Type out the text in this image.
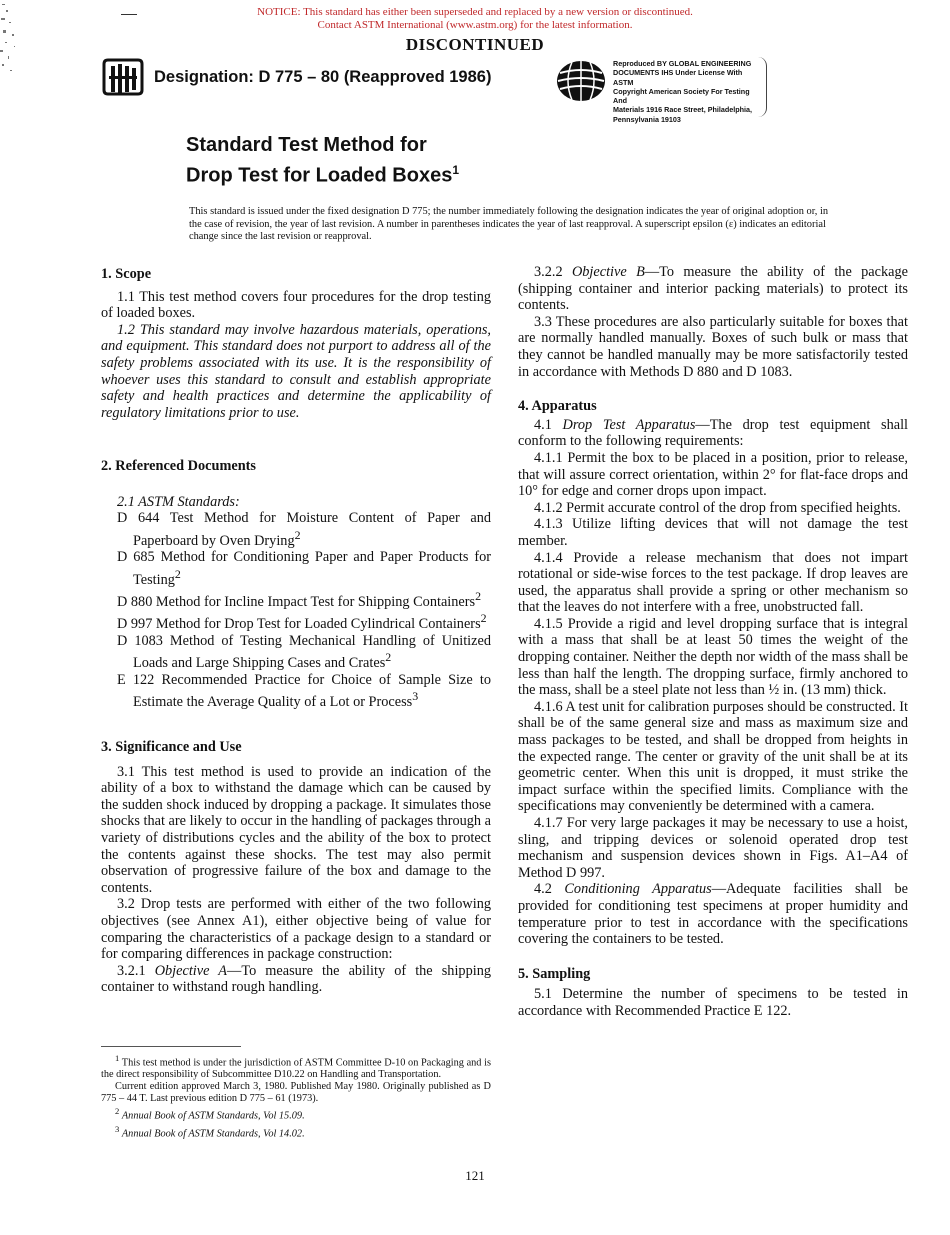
NOTICE: This standard has either been superseded and replaced by a new version or discontinued.
Contact ASTM International (www.astm.org) for the latest information.
DISCONTINUED
Designation: D 775 – 80 (Reapproved 1986)
Reproduced BY GLOBAL ENGINEERING
DOCUMENTS IHS Under License With ASTM
Copyright American Society For Testing And
Materials 1916 Race Street, Philadelphia,
Pennsylvania 19103
Standard Test Method for
Drop Test for Loaded Boxes$^1$
This standard is issued under the fixed designation D 775; the number immediately following the designation indicates the year of original adoption or, in the case of revision, the year of last revision. A number in parentheses indicates the year of last reapproval. A superscript epsilon (ε) indicates an editorial change since the last revision or reapproval.
1. Scope

1.1 This test method covers four procedures for the drop testing of loaded boxes.

1.2 This standard may involve hazardous materials, operations, and equipment. This standard does not purport to address all of the safety problems associated with its use. It is the responsibility of whoever uses this standard to consult and establish appropriate safety and health practices and determine the applicability of regulatory limitations prior to use.

2. Referenced Documents

2.1 ASTM Standards:

D 644 Test Method for Moisture Content of Paper and Paperboard by Oven Drying$^2$
D 685 Method for Conditioning Paper and Paper Products for Testing$^2$
D 880 Method for Incline Impact Test for Shipping Containers$^2$
D 997 Method for Drop Test for Loaded Cylindrical Containers$^2$
D 1083 Method of Testing Mechanical Handling of Unitized Loads and Large Shipping Cases and Crates$^2$
E 122 Recommended Practice for Choice of Sample Size to Estimate the Average Quality of a Lot or Process$^3$
3. Significance and Use

3.1 This test method is used to provide an indication of the ability of a box to withstand the damage which can be caused by the sudden shock induced by dropping a package. It simulates those shocks that are likely to occur in the handling of packages through a variety of distributions cycles and the ability of the box to protect the contents against these shocks. The test may also permit observation of progressive failure of the box and damage to the contents.

3.2 Drop tests are performed with either of the two following objectives (see Annex A1), either objective being of value for comparing the characteristics of a package design to a standard or for comparing differences in package construction:

3.2.1 Objective A—To measure the ability of the shipping container to withstand rough handling.

$^1$ This test method is under the jurisdiction of ASTM Committee D-10 on Packaging and is the direct responsibility of Subcommittee D10.22 on Handling and Transportation.

Current edition approved March 3, 1980. Published May 1980. Originally published as D 775 – 44 T. Last previous edition D 775 – 61 (1973).

$^2$ Annual Book of ASTM Standards, Vol 15.09.

$^3$ Annual Book of ASTM Standards, Vol 14.02.

3.2.2 Objective B—To measure the ability of the package (shipping container and interior packing materials) to protect its contents.

3.3 These procedures are also particularly suitable for boxes that are normally handled manually. Boxes of such bulk or mass that they cannot be handled manually may be more satisfactorily tested in accordance with Methods D 880 and D 1083.

4. Apparatus

4.1 Drop Test Apparatus—The drop test equipment shall conform to the following requirements:

4.1.1 Permit the box to be placed in a position, prior to release, that will assure correct orientation, within 2° for flat-face drops and 10° for edge and corner drops upon impact.

4.1.2 Permit accurate control of the drop from specified heights.

4.1.3 Utilize lifting devices that will not damage the test member.

4.1.4 Provide a release mechanism that does not impart rotational or side-wise forces to the test package. If drop leaves are used, the apparatus shall provide a spring or other mechanism so that the leaves do not interfere with a free, unobstructed fall.

4.1.5 Provide a rigid and level dropping surface that is integral with a mass that shall be at least 50 times the weight of the dropping container. Neither the depth nor width of the mass shall be less than half the length. The dropping surface, firmly anchored to the mass, shall be a steel plate not less than ½ in. (13 mm) thick.

4.1.6 A test unit for calibration purposes should be constructed. It shall be of the same general size and mass as maximum size and mass packages to be tested, and shall be dropped from heights in the expected range. The center or gravity of the unit shall be at its geometric center. When this unit is dropped, it must strike the impact surface within the specified limits. Compliance with the specifications may conveniently be determined with a camera.

4.1.7 For very large packages it may be necessary to use a hoist, sling, and tripping devices or solenoid operated drop test mechanism and suspension devices shown in Figs. A1–A4 of Method D 997.

4.2 Conditioning Apparatus—Adequate facilities shall be provided for conditioning test specimens at proper humidity and temperature prior to test in accordance with the specifications covering the containers to be tested.

5. Sampling

5.1 Determine the number of specimens to be tested in accordance with Recommended Practice E 122.

121
